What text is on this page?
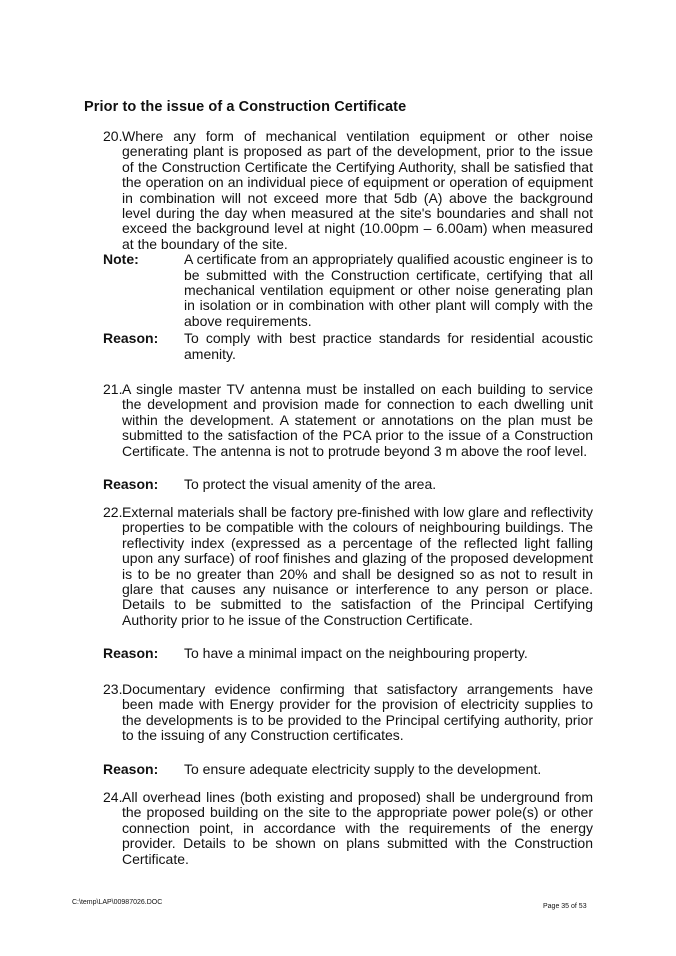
Prior to the issue of a Construction Certificate
20. Where any form of mechanical ventilation equipment or other noise generating plant is proposed as part of the development, prior to the issue of the Construction Certificate the Certifying Authority, shall be satisfied that the operation on an individual piece of equipment or operation of equipment in combination will not exceed more that 5db (A) above the background level during the day when measured at the site's boundaries and shall not exceed the background level at night (10.00pm – 6.00am) when measured at the boundary of the site.
Note:	A certificate from an appropriately qualified acoustic engineer is to be submitted with the Construction certificate, certifying that all mechanical ventilation equipment or other noise generating plan in isolation or in combination with other plant will comply with the above requirements.
Reason: To comply with best practice standards for residential acoustic amenity.
21. A single master TV antenna must be installed on each building to service the development and provision made for connection to each dwelling unit within the development. A statement or annotations on the plan must be submitted to the satisfaction of the PCA prior to the issue of a Construction Certificate. The antenna is not to protrude beyond 3 m above the roof level.
Reason: To protect the visual amenity of the area.
22. External materials shall be factory pre-finished with low glare and reflectivity properties to be compatible with the colours of neighbouring buildings. The reflectivity index (expressed as a percentage of the reflected light falling upon any surface) of roof finishes and glazing of the proposed development is to be no greater than 20% and shall be designed so as not to result in glare that causes any nuisance or interference to any person or place. Details to be submitted to the satisfaction of the Principal Certifying Authority prior to he issue of the Construction Certificate.
Reason: To have a minimal impact on the neighbouring property.
23. Documentary evidence confirming that satisfactory arrangements have been made with Energy provider for the provision of electricity supplies to the developments is to be provided to the Principal certifying authority, prior to the issuing of any Construction certificates.
Reason: To ensure adequate electricity supply to the development.
24. All overhead lines (both existing and proposed) shall be underground from the proposed building on the site to the appropriate power pole(s) or other connection point, in accordance with the requirements of the energy provider. Details to be shown on plans submitted with the Construction Certificate.
C:\temp\LAP\00987026.DOC
Page 35 of 53
